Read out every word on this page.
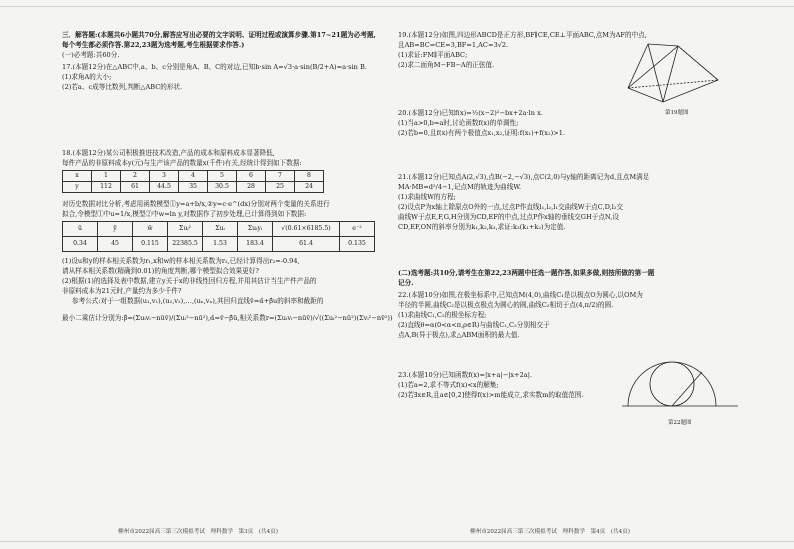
三．解答题:(本题共6小题共70分,解答应写出必要的文字说明、证明过程或演算步骤.第17~21题为必考题,每个考生都必须作答.第22,23题为选考题,考生根据要求作答.)
(一)必考题:共60分.
17.(本题12分)在△ABC中,a、b、c分别是角A、B、C的对边,已知b·sin A=√3·a·sin(B/2+A)=a·sin B.
(1)求角A的大小;
(2)若a、c成等比数列,判断△ABC的形状.
18.(本题12分)某公司积极推进技术改造,产品的成本和原料成本显著降低,
每件产品的非原料成本y(元)与生产该产品的数量x(千件)有关,经统计得到如下数据:
x	1	2	3	4	5	6	7	8
y	112	61	44.5	35	30.5	28	25	24
对历史数据对比分析,考虑用函数模型①y=a+b/x,②y=c·e^(dx)分别对两个变量的关系进行
拟合,令模型①中u=1/x,模型②中w=ln y,对数据作了初步处理,已计算得到如下数据:
ū	ȳ	w̄	Σuᵢ²	Σuᵢ	Σuᵢyᵢ	√(0.61×6185.5)	e⁻²
0.34	45	0.115	22385.5	1.53	183.4	61.4	0.135
(1)设u和y的样本相关系数为r₁,x和w的样本相关系数为r₂,已经计算得出r₂=-0.94,
请从样本相关系数(精确到0.01)的角度判断,哪个模型拟合效果更好?
(2)根据(1)的选择及表中数据,建立y关于x的非线性回归方程,并用其估计当生产件产品的
非原料成本为21元时,产量约为多少千件?
参考公式:对于一组数据(u₁,v₁),(u₂,v₂),…,(uₙ,vₙ),其回归直线v̂=α̂+β̂u的斜率和截距的
最小二乘估计分别为:β̂=(Σuᵢvᵢ−nūv̄)/(Σuᵢ²−nū²),α̂=v̄−β̂ū,相关系数r=(Σuᵢvᵢ−nūv̄)/√((Σuᵢ²−nū²)(Σvᵢ²−nv̄²))
19.(本题12分)如图,四边形ABCD是正方形,BF∥CE,CE⊥平面ABC,点M为AF的中点,
且AB=BC=CE=3,BF=1,AC=3√2.
(1)求证:FM∥平面ABC;
(2)求二面角M−FB−A的正弦值.
20.(本题12分)已知f(x)=½(x−2)²−bx+2a·ln x.
(1)当a>0,b=a时,讨论函数f(x)的单调性;
(2)若b=0,且f(x)有两个极值点x₁,x₂,证明:f(x₁)+f(x₂)>1.
21.(本题12分)已知点A(2,√3),点B(−2,−√3),点C(2,0)与y轴的距离记为d,且点M满足
MA·MB=d²/4−1,记点M的轨迹为曲线W.
(1)求曲线W的方程;
(2)设点P为x轴上除原点O外的一点,过点P作直线l₁,l₂,l₁交曲线W于点C,D,l₂交
曲线W于点E,F,G,H分别为CD,EF的中点,过点P作x轴的垂线交GH于点N,设
CD,EF,ON的斜率分别为k₁,k₂,k₃,求证:k₃(k₁+k₂)为定值.
(二)选考题:共10分,请考生在第22,23两题中任选一题作答,如果多做,则按所做的第一题
记分.
22.(本题10分)如图,在极坐标系中,已知点M(4,0),曲线C₁是以极点O为圆心,以OM为
半径的半圆,曲线C₂是以极点极点为圆心的圆,曲线C₂相切于点(4,π/2)的圆.
(1)求曲线C₁,C₂的极坐标方程;
(2)直线θ=α(0<α<π,ρ∈R)与曲线C₁,C₂分别相交于
点A,B(异于极点),求△ABM面积的最大值.
23.(本题10分)已知函数f(x)=|x+a|−|x+2a|.
(1)若a=2,求不等式f(x)<x的解集;
(2)若∃x∈R,且a∈[0,2]使得f(x)>m能成立,求实数m的取值范围.
第19题图
第22题图
柳州市2022届高三第三次模拟考试　理科数学　第3页　(共4页)	柳州市2022届高三第三次模拟考试　理科数学　第4页　(共4页)
